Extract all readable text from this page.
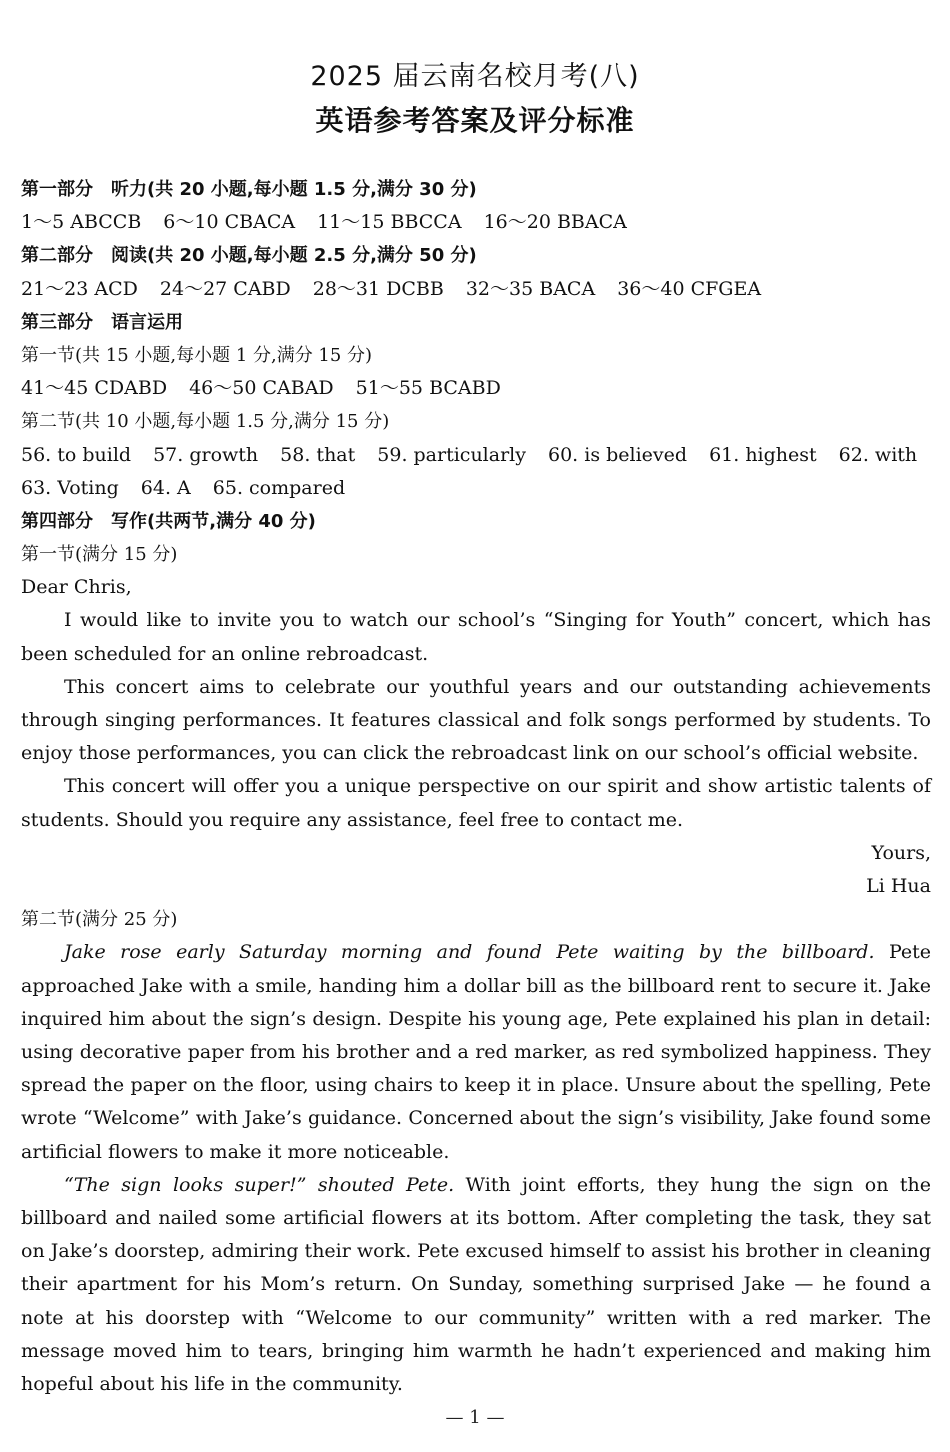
2025 届云南名校月考(八)
英语参考答案及评分标准
第一部分　听力(共 20 小题,每小题 1.5 分,满分 30 分)
1～5 ABCCB 6～10 CBACA 11～15 BBCCA 16～20 BBACA
第二部分　阅读(共 20 小题,每小题 2.5 分,满分 50 分)
21～23 ACD 24～27 CABD 28～31 DCBB 32～35 BACA 36～40 CFGEA
第三部分　语言运用
第一节(共 15 小题,每小题 1 分,满分 15 分)
41～45 CDABD 46～50 CABAD 51～55 BCABD
第二节(共 10 小题,每小题 1.5 分,满分 15 分)
56. to build 57. growth 58. that 59. particularly 60. is believed 61. highest 62. with
63. Voting 64. A 65. compared
第四部分　写作(共两节,满分 40 分)
第一节(满分 15 分)
Dear Chris,

I would like to invite you to watch our school’s “Singing for Youth” concert, which has been scheduled for an online rebroadcast.

This concert aims to celebrate our youthful years and our outstanding achievements through singing performances. It features classical and folk songs performed by students. To enjoy those performances, you can click the rebroadcast link on our school’s official website.

This concert will offer you a unique perspective on our spirit and show artistic talents of students. Should you require any assistance, feel free to contact me.

Yours,
Li Hua
第二节(满分 25 分)

Jake rose early Saturday morning and found Pete waiting by the billboard. Pete approached Jake with a smile, handing him a dollar bill as the billboard rent to secure it. Jake inquired him about the sign’s design. Despite his young age, Pete explained his plan in detail: using decorative paper from his brother and a red marker, as red symbolized happiness. They spread the paper on the floor, using chairs to keep it in place. Unsure about the spelling, Pete wrote “Welcome” with Jake’s guidance. Concerned about the sign’s visibility, Jake found some artificial flowers to make it more noticeable.

“The sign looks super!” shouted Pete. With joint efforts, they hung the sign on the billboard and nailed some artificial flowers at its bottom. After completing the task, they sat on Jake’s doorstep, admiring their work. Pete excused himself to assist his brother in cleaning their apartment for his Mom’s return. On Sunday, something surprised Jake — he found a note at his doorstep with “Welcome to our community” written with a red marker. The message moved him to tears, bringing him warmth he hadn’t experienced and making him hopeful about his life in the community.

— 1 —
